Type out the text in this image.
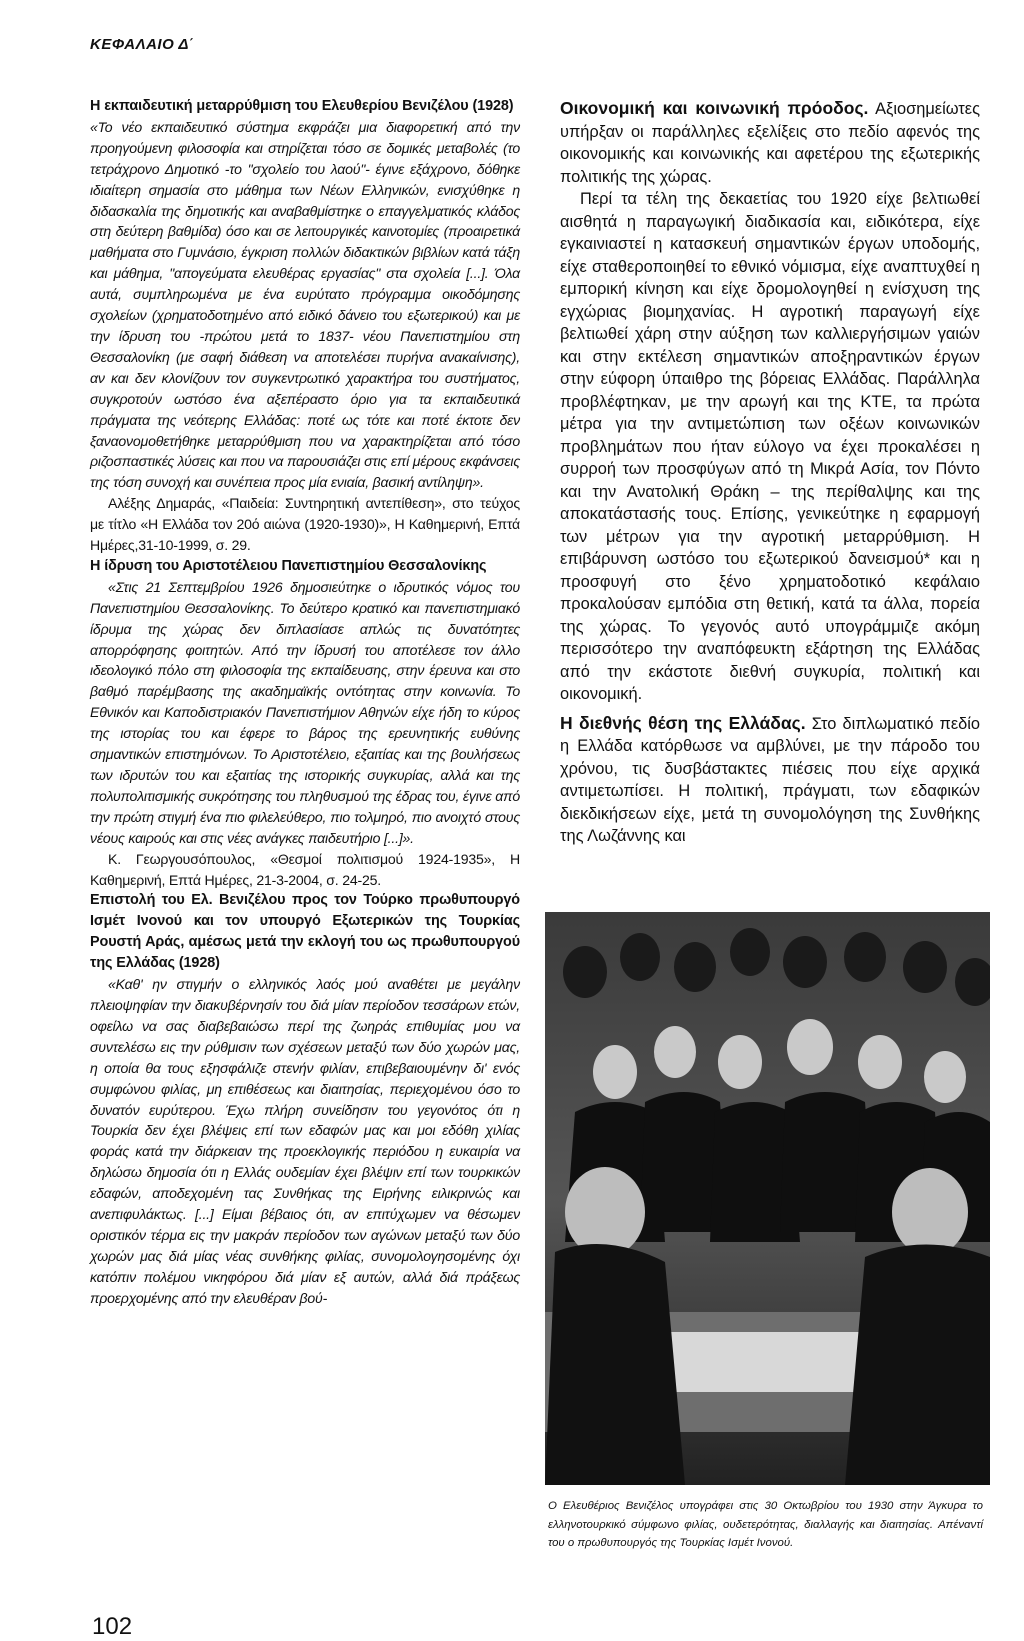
ΚΕΦΑΛΑΙΟ Δ΄

Η εκπαιδευτική μεταρρύθμιση του Ελευθερίου Βενιζέλου (1928)

«Το νέο εκπαιδευτικό σύστημα εκφράζει μια διαφορετική από την προηγούμενη φιλοσοφία και στηρίζεται τόσο σε δομικές μεταβολές (το τετράχρονο Δημοτικό -το "σχολείο του λαού"- έγινε εξάχρονο, δόθηκε ιδιαίτερη σημασία στο μάθημα των Νέων Ελληνικών, ενισχύθηκε η διδασκαλία της δημοτικής και αναβαθμίστηκε ο επαγγελματικός κλάδος στη δεύτερη βαθμίδα) όσο και σε λειτουργικές καινοτομίες (προαιρετικά μαθήματα στο Γυμνάσιο, έγκριση πολλών διδακτικών βιβλίων κατά τάξη και μάθημα, "απογεύματα ελευθέρας εργασίας" στα σχολεία [...]. Όλα αυτά, συμπληρωμένα με ένα ευρύτατο πρόγραμμα οικοδόμησης σχολείων (χρηματοδοτημένο από ειδικό δάνειο του εξωτερικού) και με την ίδρυση του -πρώτου μετά το 1837- νέου Πανεπιστημίου στη Θεσσαλονίκη (με σαφή διάθεση να αποτελέσει πυρήνα ανακαίνισης), αν και δεν κλονίζουν τον συγκεντρωτικό χαρακτήρα του συστήματος, συγκροτούν ωστόσο ένα αξεπέραστο όριο για τα εκπαιδευτικά πράγματα της νεότερης Ελλάδας: ποτέ ως τότε και ποτέ έκτοτε δεν ξαναονομοθετήθηκε μεταρρύθμιση που να χαρακτηρίζεται από τόσο ριζοσπαστικές λύσεις και που να παρουσιάζει στις επί μέρους εκφάνσεις της τόση συνοχή και συνέπεια προς μία ενιαία, βασική αντίληψη».

Αλέξης Δημαράς, «Παιδεία: Συντηρητική αντεπίθεση», στο τεύχος με τίτλο «Η Ελλάδα τον 20ό αιώνα (1920-1930)», Η Καθημερινή, Επτά Ημέρες,31-10-1999, σ. 29.

Η ίδρυση του Αριστοτέλειου Πανεπιστημίου Θεσσαλονίκης

«Στις 21 Σεπτεμβρίου 1926 δημοσιεύτηκε ο ιδρυτικός νόμος του Πανεπιστημίου Θεσσαλονίκης. Το δεύτερο κρατικό και πανεπιστημιακό ίδρυμα της χώρας δεν διπλασίασε απλώς τις δυνατότητες απορρόφησης φοιτητών. Από την ίδρυσή του αποτέλεσε τον άλλο ιδεολογικό πόλο στη φιλοσοφία της εκπαίδευσης, στην έρευνα και στο βαθμό παρέμβασης της ακαδημαϊκής οντότητας στην κοινωνία. Το Εθνικόν και Καποδιστριακόν Πανεπιστήμιον Αθηνών είχε ήδη το κύρος της ιστορίας του και έφερε το βάρος της ερευνητικής ευθύνης σημαντικών επιστημόνων. Το Αριστοτέλειο, εξαιτίας και της βουλήσεως των ιδρυτών του και εξαιτίας της ιστορικής συγκυρίας, αλλά και της πολυπολιτισμικής συκρότησης του πληθυσμού της έδρας του, έγινε από την πρώτη στιγμή ένα πιο φιλελεύθερο, πιο τολμηρό, πιο ανοιχτό στους νέους καιρούς και στις νέες ανάγκες παιδευτήριο [...]».

Κ. Γεωργουσόπουλος, «Θεσμοί πολιτισμού 1924-1935», Η Καθημερινή, Επτά Ημέρες, 21-3-2004, σ. 24-25.

Επιστολή του Ελ. Βενιζέλου προς τον Τούρκο πρωθυπουργό Ισμέτ Ινονού και τον υπουργό Εξωτερικών της Τουρκίας Ρουστή Αράς, αμέσως μετά την εκλογή του ως πρωθυπουργού της Ελλάδας (1928)

«Καθ' ην στιγμήν ο ελληνικός λαός μού αναθέτει με μεγάλην πλειοψηφίαν την διακυβέρνησίν του διά μίαν περίοδον τεσσάρων ετών, οφείλω να σας διαβεβαιώσω περί της ζωηράς επιθυμίας μου να συντελέσω εις την ρύθμισιν των σχέσεων μεταξύ των δύο χωρών μας, η οποία θα τους εξησφάλιζε στενήν φιλίαν, επιβεβαιουμένην δι' ενός συμφώνου φιλίας, μη επιθέσεως και διαιτησίας, περιεχομένου όσο το δυνατόν ευρύτερου. Έχω πλήρη συνείδησιν του γεγονότος ότι η Τουρκία δεν έχει βλέψεις επί των εδαφών μας και μοι εδόθη χιλίας φοράς κατά την διάρκειαν της προεκλογικής περιόδου η ευκαιρία να δηλώσω δημοσία ότι η Ελλάς ουδεμίαν έχει βλέψιν επί των τουρκικών εδαφών, αποδεχομένη τας Συνθήκας της Ειρήνης ειλικρινώς και ανεπιφυλάκτως. [...] Είμαι βέβαιος ότι, αν επιτύχωμεν να θέσωμεν οριστικόν τέρμα εις την μακράν περίοδον των αγώνων μεταξύ των δύο χωρών μας διά μίας νέας συνθήκης φιλίας, συνομολογησομένης όχι κατόπιν πολέμου νικηφόρου διά μίαν εξ αυτών, αλλά διά πράξεως προερχομένης από την ελευθέραν βού-

Οικονομική και κοινωνική πρόοδος. Αξιοσημείωτες υπήρξαν οι παράλληλες εξελίξεις στο πεδίο αφενός της οικονομικής και κοινωνικής και αφετέρου της εξωτερικής πολιτικής της χώρας.

Περί τα τέλη της δεκαετίας του 1920 είχε βελτιωθεί αισθητά η παραγωγική διαδικασία και, ειδικότερα, είχε εγκαινιαστεί η κατασκευή σημαντικών έργων υποδομής, είχε σταθεροποιηθεί το εθνικό νόμισμα, είχε αναπτυχθεί η εμπορική κίνηση και είχε δρομολογηθεί η ενίσχυση της εγχώριας βιομηχανίας. Η αγροτική παραγωγή είχε βελτιωθεί χάρη στην αύξηση των καλλιεργήσιμων γαιών και στην εκτέλεση σημαντικών αποξηραντικών έργων στην εύφορη ύπαιθρο της βόρειας Ελλάδας. Παράλληλα προβλέφτηκαν, με την αρωγή και της ΚΤΕ, τα πρώτα μέτρα για την αντιμετώπιση των οξέων κοινωνικών προβλημάτων που ήταν εύλογο να έχει προκαλέσει η συρροή των προσφύγων από τη Μικρά Ασία, τον Πόντο και την Ανατολική Θράκη – της περίθαλψης και της αποκατάστασής τους. Επίσης, γενικεύτηκε η εφαρμογή των μέτρων για την αγροτική μεταρρύθμιση. Η επιβάρυνση ωστόσο του εξωτερικού δανεισμού* και η προσφυγή στο ξένο χρηματοδοτικό κεφάλαιο προκαλούσαν εμπόδια στη θετική, κατά τα άλλα, πορεία της χώρας. Το γεγονός αυτό υπογράμμιζε ακόμη περισσότερο την αναπόφευκτη εξάρτηση της Ελλάδας από την εκάστοτε διεθνή συγκυρία, πολιτική και οικονομική.

Η διεθνής θέση της Ελλάδας. Στο διπλωματικό πεδίο η Ελλάδα κατόρθωσε να αμβλύνει, με την πάροδο του χρόνου, τις δυσβάστακτες πιέσεις που είχε αρχικά αντιμετωπίσει. Η πολιτική, πράγματι, των εδαφικών διεκδικήσεων είχε, μετά τη συνομολόγηση της Συνθήκης της Λωζάννης και

Ο Ελευθέριος Βενιζέλος υπογράφει στις 30 Οκτωβρίου του 1930 στην Άγκυρα το ελληνοτουρκικό σύμφωνο φιλίας, ουδετερότητας, διαλλαγής και διαιτησίας. Απέναντί του ο πρωθυπουργός της Τουρκίας Ισμέτ Ινονού.
102
